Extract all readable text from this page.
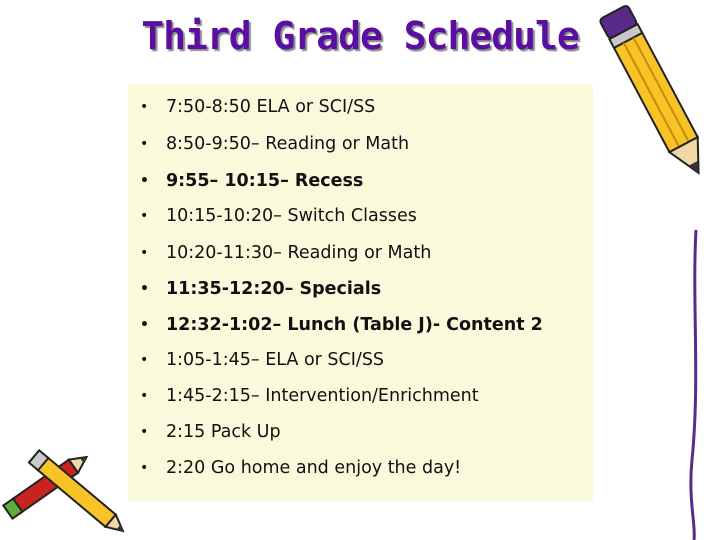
Third Grade Schedule
•	7:50-8:50 ELA or SCI/SS
•	8:50-9:50– Reading or Math
• 9:55– 10:15– Recess
•	10:15-10:20– Switch Classes
•	10:20-11:30– Reading or Math
• 11:35-12:20– Specials
• 12:32-1:02– Lunch (Table J)- Content 2
•	1:05-1:45– ELA or SCI/SS
•	1:45-2:15– Intervention/Enrichment
•	2:15 Pack Up
•	2:20 Go home and enjoy the day!
